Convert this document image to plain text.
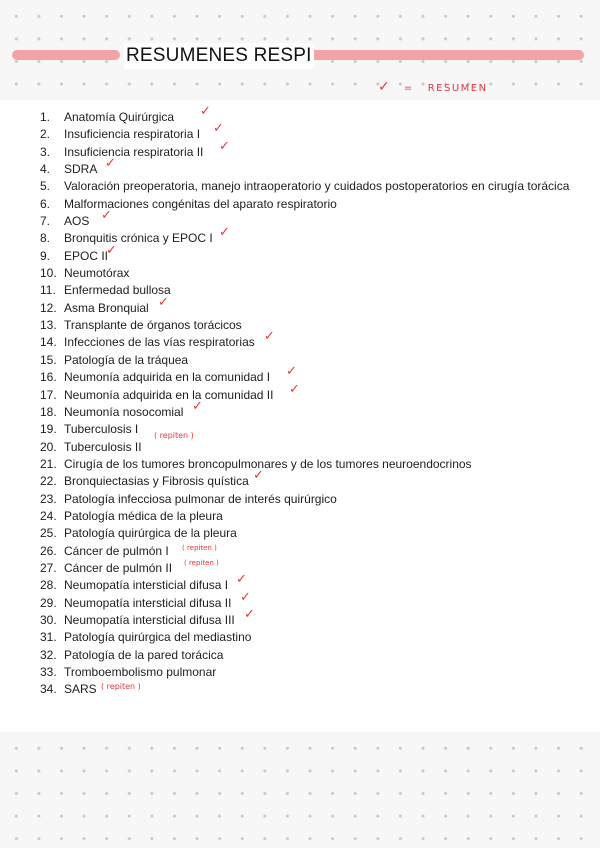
RESUMENES RESPI
✓ = RESUMEN
1.	Anatomía Quirúrgica ✓
2.	Insuficiencia respiratoria I ✓
3.	Insuficiencia respiratoria II ✓
4.	SDRA ✓
5.	Valoración preoperatoria, manejo intraoperatorio y cuidados postoperatorios en cirugía torácica
6.	Malformaciones congénitas del aparato respiratorio
7.	AOS ✓
8.	Bronquitis crónica y EPOC I ✓
9.	EPOC II
✓
10. Neumotórax
11. Enfermedad bullosa
12. Asma Bronquial ✓
13. Transplante de órganos torácicos
14. Infecciones de las vías respiratorias ✓
15. Patología de la tráquea
16. Neumonía adquirida en la comunidad I ✓
17. Neumonía adquirida en la comunidad II ✓
18. Neumonía nosocomial ✓
19. Tuberculosis I ( repiten )
20. Tuberculosis II
21. Cirugía de los tumores broncopulmonares y de los tumores neuroendocrinos
22. Bronquiectasias y Fibrosis quística ✓
23. Patología infecciosa pulmonar de interés quirúrgico
24. Patología médica de la pleura
25. Patología quirúrgica de la pleura
26. Cáncer de pulmón I ( repiten )
27. Cáncer de pulmón II ( repiten )
28. Neumopatía intersticial difusa I ✓
29. Neumopatía intersticial difusa II ✓
30. Neumopatía intersticial difusa III ✓
31. Patología quirúrgica del mediastino
32. Patología de la pared torácica
33. Tromboembolismo pulmonar
34. SARS ( repiten )
